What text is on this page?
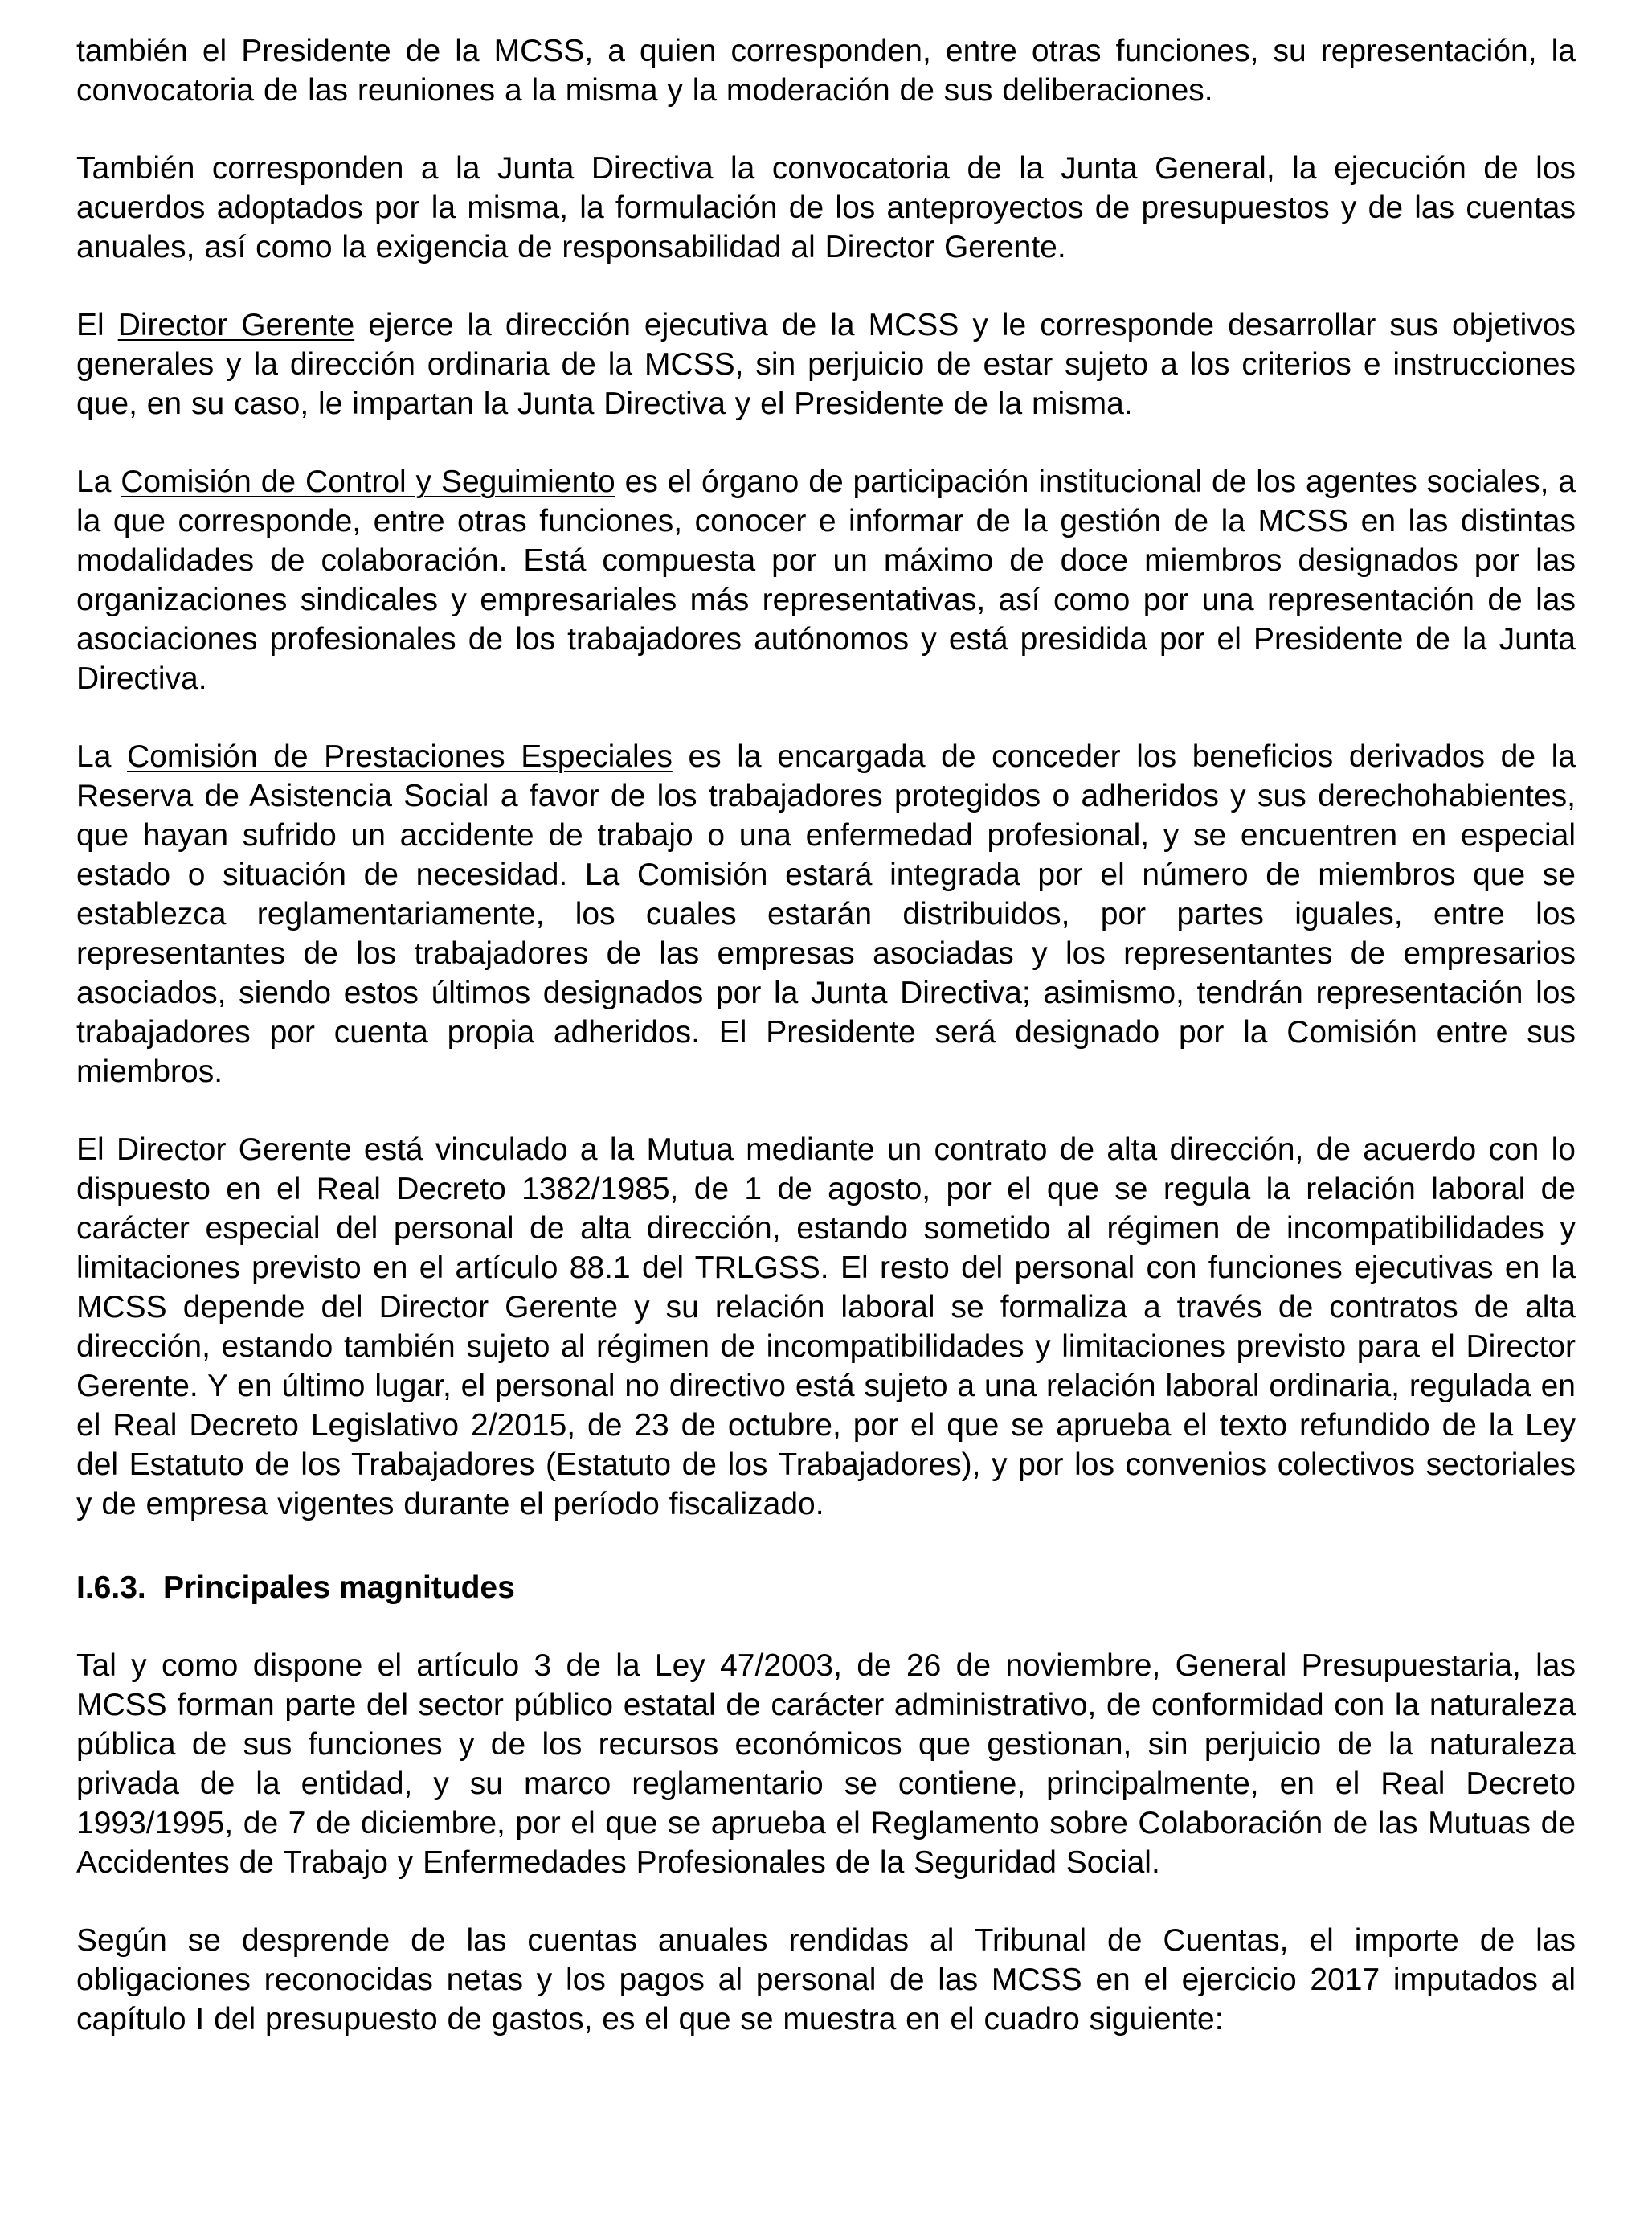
también el Presidente de la MCSS, a quien corresponden, entre otras funciones, su representación, la convocatoria de las reuniones a la misma y la moderación de sus deliberaciones.

También corresponden a la Junta Directiva la convocatoria de la Junta General, la ejecución de los acuerdos adoptados por la misma, la formulación de los anteproyectos de presupuestos y de las cuentas anuales, así como la exigencia de responsabilidad al Director Gerente.

El Director Gerente ejerce la dirección ejecutiva de la MCSS y le corresponde desarrollar sus objetivos generales y la dirección ordinaria de la MCSS, sin perjuicio de estar sujeto a los criterios e instrucciones que, en su caso, le impartan la Junta Directiva y el Presidente de la misma.

La Comisión de Control y Seguimiento es el órgano de participación institucional de los agentes sociales, a la que corresponde, entre otras funciones, conocer e informar de la gestión de la MCSS en las distintas modalidades de colaboración. Está compuesta por un máximo de doce miembros designados por las organizaciones sindicales y empresariales más representativas, así como por una representación de las asociaciones profesionales de los trabajadores autónomos y está presidida por el Presidente de la Junta Directiva.

La Comisión de Prestaciones Especiales es la encargada de conceder los beneficios derivados de la Reserva de Asistencia Social a favor de los trabajadores protegidos o adheridos y sus derechohabientes, que hayan sufrido un accidente de trabajo o una enfermedad profesional, y se encuentren en especial estado o situación de necesidad. La Comisión estará integrada por el número de miembros que se establezca reglamentariamente, los cuales estarán distribuidos, por partes iguales, entre los representantes de los trabajadores de las empresas asociadas y los representantes de empresarios asociados, siendo estos últimos designados por la Junta Directiva; asimismo, tendrán representación los trabajadores por cuenta propia adheridos. El Presidente será designado por la Comisión entre sus miembros.

El Director Gerente está vinculado a la Mutua mediante un contrato de alta dirección, de acuerdo con lo dispuesto en el Real Decreto 1382/1985, de 1 de agosto, por el que se regula la relación laboral de carácter especial del personal de alta dirección, estando sometido al régimen de incompatibilidades y limitaciones previsto en el artículo 88.1 del TRLGSS. El resto del personal con funciones ejecutivas en la MCSS depende del Director Gerente y su relación laboral se formaliza a través de contratos de alta dirección, estando también sujeto al régimen de incompatibilidades y limitaciones previsto para el Director Gerente. Y en último lugar, el personal no directivo está sujeto a una relación laboral ordinaria, regulada en el Real Decreto Legislativo 2/2015, de 23 de octubre, por el que se aprueba el texto refundido de la Ley del Estatuto de los Trabajadores (Estatuto de los Trabajadores), y por los convenios colectivos sectoriales y de empresa vigentes durante el período fiscalizado.

I.6.3. Principales magnitudes

Tal y como dispone el artículo 3 de la Ley 47/2003, de 26 de noviembre, General Presupuestaria, las MCSS forman parte del sector público estatal de carácter administrativo, de conformidad con la naturaleza pública de sus funciones y de los recursos económicos que gestionan, sin perjuicio de la naturaleza privada de la entidad, y su marco reglamentario se contiene, principalmente, en el Real Decreto 1993/1995, de 7 de diciembre, por el que se aprueba el Reglamento sobre Colaboración de las Mutuas de Accidentes de Trabajo y Enfermedades Profesionales de la Seguridad Social.

Según se desprende de las cuentas anuales rendidas al Tribunal de Cuentas, el importe de las obligaciones reconocidas netas y los pagos al personal de las MCSS en el ejercicio 2017 imputados al capítulo I del presupuesto de gastos, es el que se muestra en el cuadro siguiente:
